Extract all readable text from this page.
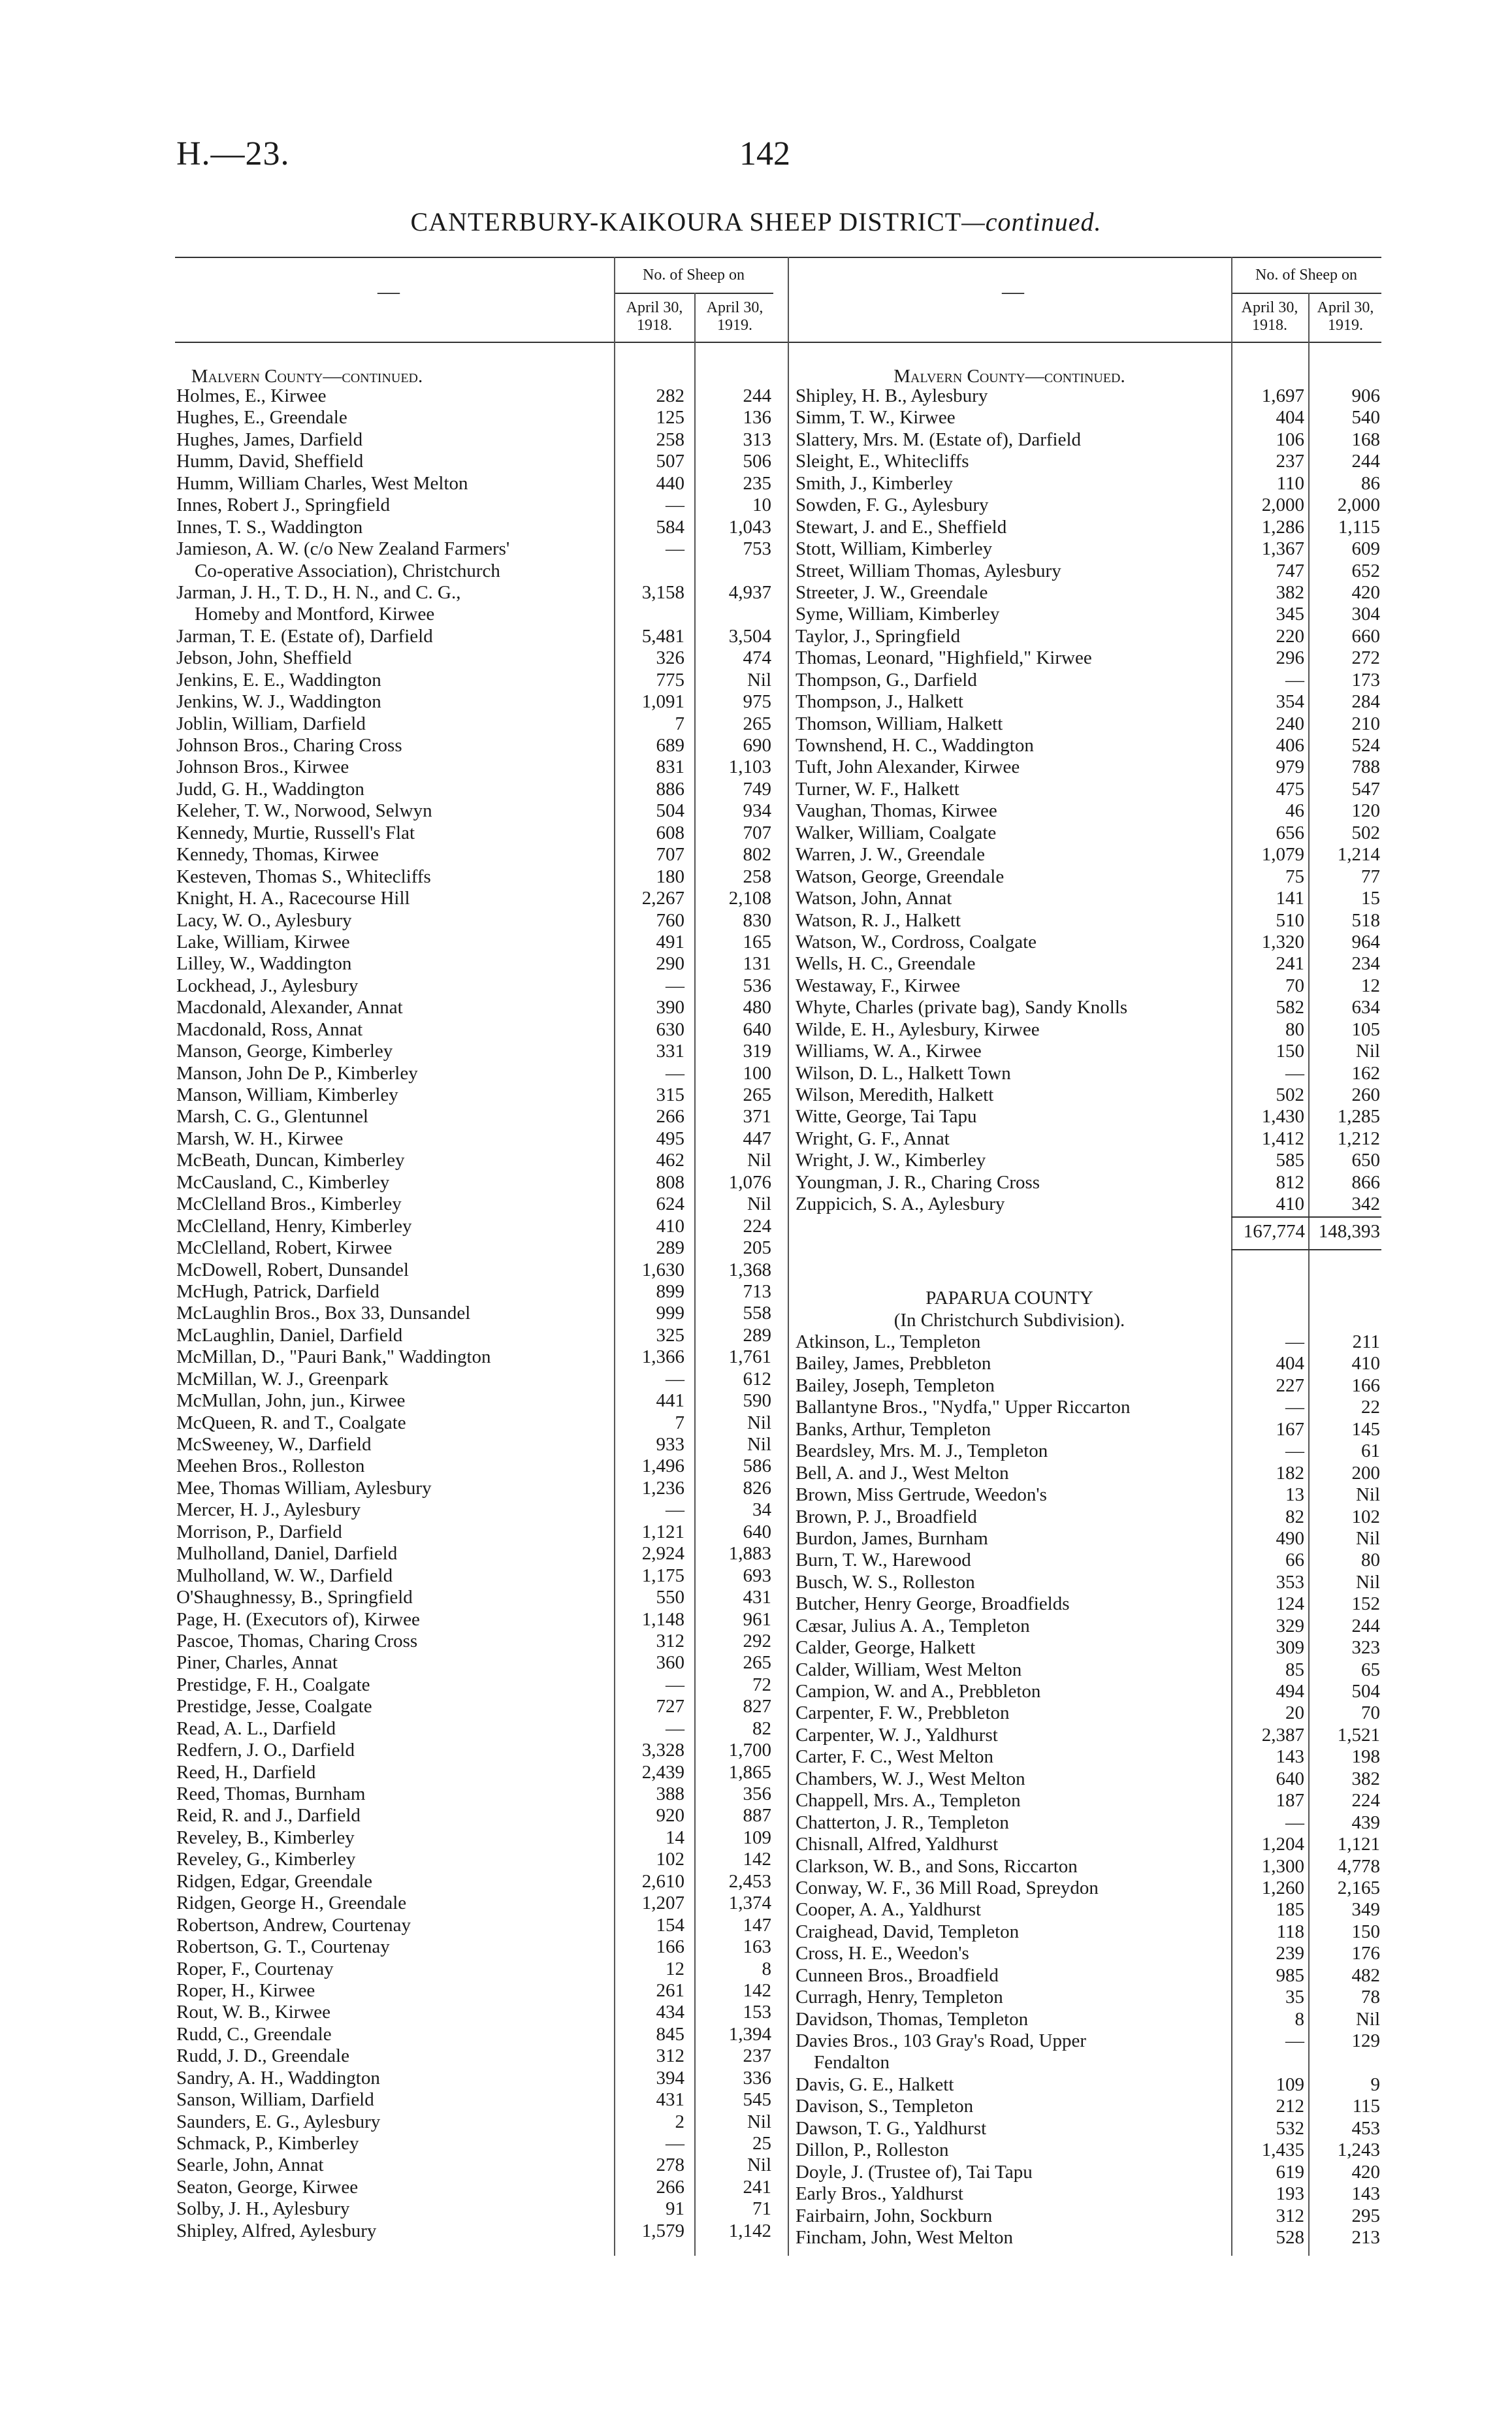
H.—23.	142
CANTERBURY-KAIKOURA SHEEP DISTRICT—continued.
—
No. of Sheep on
April 30, 1918.
April 30, 1919.
—
No. of Sheep on
April 30, 1918.
April 30, 1919.
Malvern County—continued.	Malvern County—continued.
Holmes, E., Kirwee	282	244
Hughes, E., Greendale	125	136
Hughes, James, Darfield	258	313
Humm, David, Sheffield	507	506
Humm, William Charles, West Melton	440	235
Innes, Robert J., Springfield	—	10
Innes, T. S., Waddington	584	1,043
Jamieson, A. W. (c/o New Zealand Farmers'	—	753
Co-operative Association), Christchurch
Jarman, J. H., T. D., H. N., and C. G.,	3,158	4,937
Homeby and Montford, Kirwee
Jarman, T. E. (Estate of), Darfield	5,481	3,504
Jebson, John, Sheffield	326	474
Jenkins, E. E., Waddington	775	Nil
Jenkins, W. J., Waddington	1,091	975
Joblin, William, Darfield	7	265
Johnson Bros., Charing Cross	689	690
Johnson Bros., Kirwee	831	1,103
Judd, G. H., Waddington	886	749
Keleher, T. W., Norwood, Selwyn	504	934
Kennedy, Murtie, Russell's Flat	608	707
Kennedy, Thomas, Kirwee	707	802
Kesteven, Thomas S., Whitecliffs	180	258
Knight, H. A., Racecourse Hill	2,267	2,108
Lacy, W. O., Aylesbury	760	830
Lake, William, Kirwee	491	165
Lilley, W., Waddington	290	131
Lockhead, J., Aylesbury	—	536
Macdonald, Alexander, Annat	390	480
Macdonald, Ross, Annat	630	640
Manson, George, Kimberley	331	319
Manson, John De P., Kimberley	—	100
Manson, William, Kimberley	315	265
Marsh, C. G., Glentunnel	266	371
Marsh, W. H., Kirwee	495	447
McBeath, Duncan, Kimberley	462	Nil
McCausland, C., Kimberley	808	1,076
McClelland Bros., Kimberley	624	Nil
McClelland, Henry, Kimberley	410	224
McClelland, Robert, Kirwee	289	205
McDowell, Robert, Dunsandel	1,630	1,368
McHugh, Patrick, Darfield	899	713
McLaughlin Bros., Box 33, Dunsandel	999	558
McLaughlin, Daniel, Darfield	325	289
McMillan, D., "Pauri Bank," Waddington	1,366	1,761
McMillan, W. J., Greenpark	—	612
McMullan, John, jun., Kirwee	441	590
McQueen, R. and T., Coalgate	7	Nil
McSweeney, W., Darfield	933	Nil
Meehen Bros., Rolleston	1,496	586
Mee, Thomas William, Aylesbury	1,236	826
Mercer, H. J., Aylesbury	—	34
Morrison, P., Darfield	1,121	640
Mulholland, Daniel, Darfield	2,924	1,883
Mulholland, W. W., Darfield	1,175	693
O'Shaughnessy, B., Springfield	550	431
Page, H. (Executors of), Kirwee	1,148	961
Pascoe, Thomas, Charing Cross	312	292
Piner, Charles, Annat	360	265
Prestidge, F. H., Coalgate	—	72
Prestidge, Jesse, Coalgate	727	827
Read, A. L., Darfield	—	82
Redfern, J. O., Darfield	3,328	1,700
Reed, H., Darfield	2,439	1,865
Reed, Thomas, Burnham	388	356
Reid, R. and J., Darfield	920	887
Reveley, B., Kimberley	14	109
Reveley, G., Kimberley	102	142
Ridgen, Edgar, Greendale	2,610	2,453
Ridgen, George H., Greendale	1,207	1,374
Robertson, Andrew, Courtenay	154	147
Robertson, G. T., Courtenay	166	163
Roper, F., Courtenay	12	8
Roper, H., Kirwee	261	142
Rout, W. B., Kirwee	434	153
Rudd, C., Greendale	845	1,394
Rudd, J. D., Greendale	312	237
Sandry, A. H., Waddington	394	336
Sanson, William, Darfield	431	545
Saunders, E. G., Aylesbury	2	Nil
Schmack, P., Kimberley	—	25
Searle, John, Annat	278	Nil
Seaton, George, Kirwee	266	241
Solby, J. H., Aylesbury	91	71
Shipley, Alfred, Aylesbury	1,579	1,142
Shipley, H. B., Aylesbury	1,697	906
Simm, T. W., Kirwee	404	540
Slattery, Mrs. M. (Estate of), Darfield	106	168
Sleight, E., Whitecliffs	237	244
Smith, J., Kimberley	110	86
Sowden, F. G., Aylesbury	2,000	2,000
Stewart, J. and E., Sheffield	1,286	1,115
Stott, William, Kimberley	1,367	609
Street, William Thomas, Aylesbury	747	652
Streeter, J. W., Greendale	382	420
Syme, William, Kimberley	345	304
Taylor, J., Springfield	220	660
Thomas, Leonard, "Highfield," Kirwee	296	272
Thompson, G., Darfield	—	173
Thompson, J., Halkett	354	284
Thomson, William, Halkett	240	210
Townshend, H. C., Waddington	406	524
Tuft, John Alexander, Kirwee	979	788
Turner, W. F., Halkett	475	547
Vaughan, Thomas, Kirwee	46	120
Walker, William, Coalgate	656	502
Warren, J. W., Greendale	1,079	1,214
Watson, George, Greendale	75	77
Watson, John, Annat	141	15
Watson, R. J., Halkett	510	518
Watson, W., Cordross, Coalgate	1,320	964
Wells, H. C., Greendale	241	234
Westaway, F., Kirwee	70	12
Whyte, Charles (private bag), Sandy Knolls	582	634
Wilde, E. H., Aylesbury, Kirwee	80	105
Williams, W. A., Kirwee	150	Nil
Wilson, D. L., Halkett Town	—	162
Wilson, Meredith, Halkett	502	260
Witte, George, Tai Tapu	1,430	1,285
Wright, G. F., Annat	1,412	1,212
Wright, J. W., Kimberley	585	650
Youngman, J. R., Charing Cross	812	866
Zuppicich, S. A., Aylesbury	410	342
167,774 148,393
PAPARUA COUNTY
(In Christchurch Subdivision).
Atkinson, L., Templeton	—	211
Bailey, James, Prebbleton	404	410
Bailey, Joseph, Templeton	227	166
Ballantyne Bros., "Nydfa," Upper Riccarton	—	22
Banks, Arthur, Templeton	167	145
Beardsley, Mrs. M. J., Templeton	—	61
Bell, A. and J., West Melton	182	200
Brown, Miss Gertrude, Weedon's	13	Nil
Brown, P. J., Broadfield	82	102
Burdon, James, Burnham	490	Nil
Burn, T. W., Harewood	66	80
Busch, W. S., Rolleston	353	Nil
Butcher, Henry George, Broadfields	124	152
Cæsar, Julius A. A., Templeton	329	244
Calder, George, Halkett	309	323
Calder, William, West Melton	85	65
Campion, W. and A., Prebbleton	494	504
Carpenter, F. W., Prebbleton	20	70
Carpenter, W. J., Yaldhurst	2,387	1,521
Carter, F. C., West Melton	143	198
Chambers, W. J., West Melton	640	382
Chappell, Mrs. A., Templeton	187	224
Chatterton, J. R., Templeton	—	439
Chisnall, Alfred, Yaldhurst	1,204	1,121
Clarkson, W. B., and Sons, Riccarton	1,300	4,778
Conway, W. F., 36 Mill Road, Spreydon	1,260	2,165
Cooper, A. A., Yaldhurst	185	349
Craighead, David, Templeton	118	150
Cross, H. E., Weedon's	239	176
Cunneen Bros., Broadfield	985	482
Curragh, Henry, Templeton	35	78
Davidson, Thomas, Templeton	8	Nil
Davies Bros., 103 Gray's Road, Upper	—	129
Fendalton
Davis, G. E., Halkett	109	9
Davison, S., Templeton	212	115
Dawson, T. G., Yaldhurst	532	453
Dillon, P., Rolleston	1,435	1,243
Doyle, J. (Trustee of), Tai Tapu	619	420
Early Bros., Yaldhurst	193	143
Fairbairn, John, Sockburn	312	295
Fincham, John, West Melton	528	213
